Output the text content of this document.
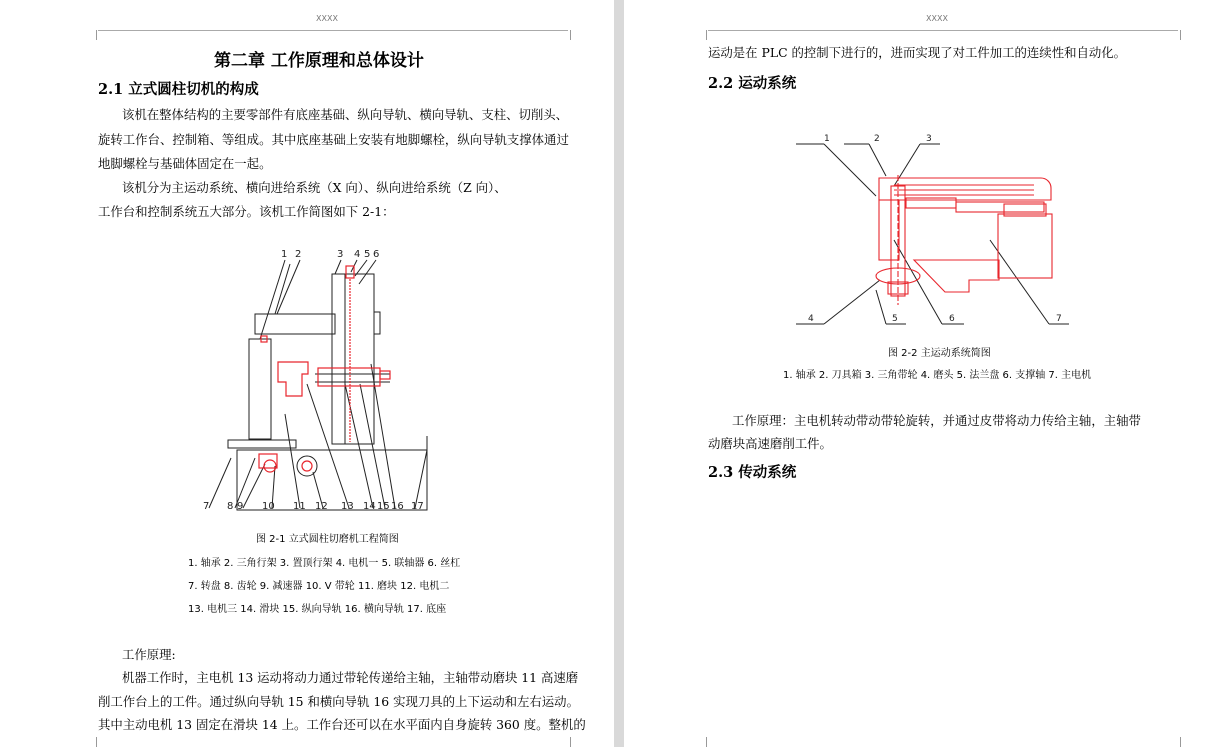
XXXX
第二章 工作原理和总体设计
2.1 立式圆柱切机的构成
该机在整体结构的主要零部件有底座基础、纵向导轨、横向导轨、支柱、切削头、
旋转工作台、控制箱、等组成。其中底座基础上安装有地脚螺栓，纵向导轨支撑体通过
地脚螺栓与基础体固定在一起。
该机分为主运动系统、横向进给系统（X 向）、纵向进给系统（Z 向）、
工作台和控制系统五大部分。该机工作简图如下 2-1：
1 2	3 4 5 6
7 8 9 10 11 12 13 14 15 16 17
图 2-1 立式圆柱切磨机工程简图
1. 轴承 2. 三角行架 3. 置顶行架 4. 电机一 5. 联轴器 6. 丝杠
7. 转盘 8. 齿轮 9. 减速器 10. V 带轮 11. 磨块 12. 电机二
13. 电机三 14. 滑块 15. 纵向导轨 16. 横向导轨 17. 底座
工作原理:
机器工作时，主电机 13 运动将动力通过带轮传递给主轴，主轴带动磨块 11 高速磨
削工作台上的工件。通过纵向导轨 15 和横向导轨 16 实现刀具的上下运动和左右运动。
其中主动电机 13 固定在滑块 14 上。工作台还可以在水平面内自身旋转 360 度。整机的
XXXX
运动是在 PLC 的控制下进行的，进而实现了对工件加工的连续性和自动化。
2.2 运动系统
1	2	3
4	5	6	7
图 2-2 主运动系统简图
1. 轴承 2. 刀具箱 3. 三角带轮 4. 磨头 5. 法兰盘 6. 支撑轴 7. 主电机
工作原理：主电机转动带动带轮旋转，并通过皮带将动力传给主轴，主轴带
动磨块高速磨削工件。
2.3 传动系统
